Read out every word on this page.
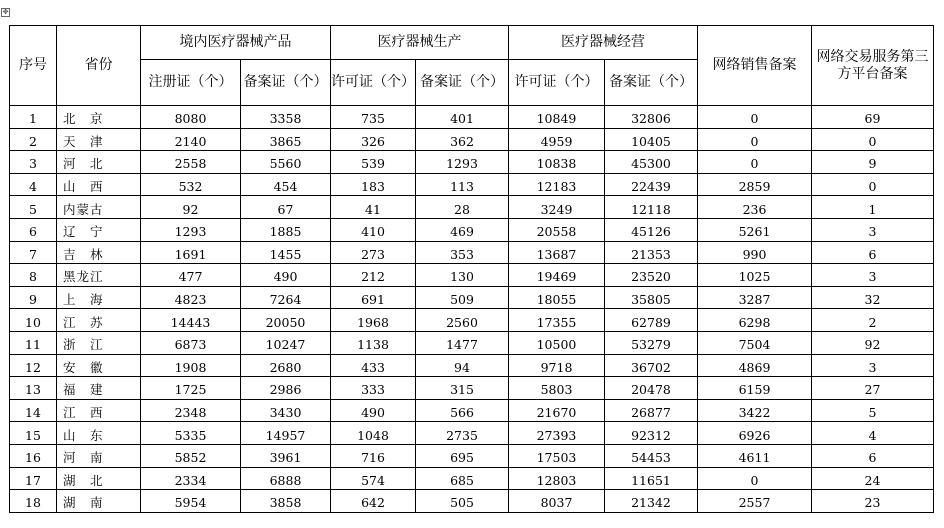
✥
序号	省份	境内医疗器械产品		医疗器械生产		医疗器械经营		网络销售备案	网络交易服务第三方平台备案
		注册证（个）	备案证（个）	许可证（个）	备案证（个）	许可证（个）	备案证（个）		
1	北　京	8080	3358	735	401	10849	32806	0	69
2	天　津	2140	3865	326	362	4959	10405	0	0
3	河　北	2558	5560	539	1293	10838	45300	0	9
4	山　西	532	454	183	113	12183	22439	2859	0
5	内蒙古	92	67	41	28	3249	12118	236	1
6	辽　宁	1293	1885	410	469	20558	45126	5261	3
7	吉　林	1691	1455	273	353	13687	21353	990	6
8	黑龙江	477	490	212	130	19469	23520	1025	3
9	上　海	4823	7264	691	509	18055	35805	3287	32
10	江　苏	14443	20050	1968	2560	17355	62789	6298	2
11	浙　江	6873	10247	1138	1477	10500	53279	7504	92
12	安　徽	1908	2680	433	94	9718	36702	4869	3
13	福　建	1725	2986	333	315	5803	20478	6159	27
14	江　西	2348	3430	490	566	21670	26877	3422	5
15	山　东	5335	14957	1048	2735	27393	92312	6926	4
16	河　南	5852	3961	716	695	17503	54453	4611	6
17	湖　北	2334	6888	574	685	12803	11651	0	24
18	湖　南	5954	3858	642	505	8037	21342	2557	23
